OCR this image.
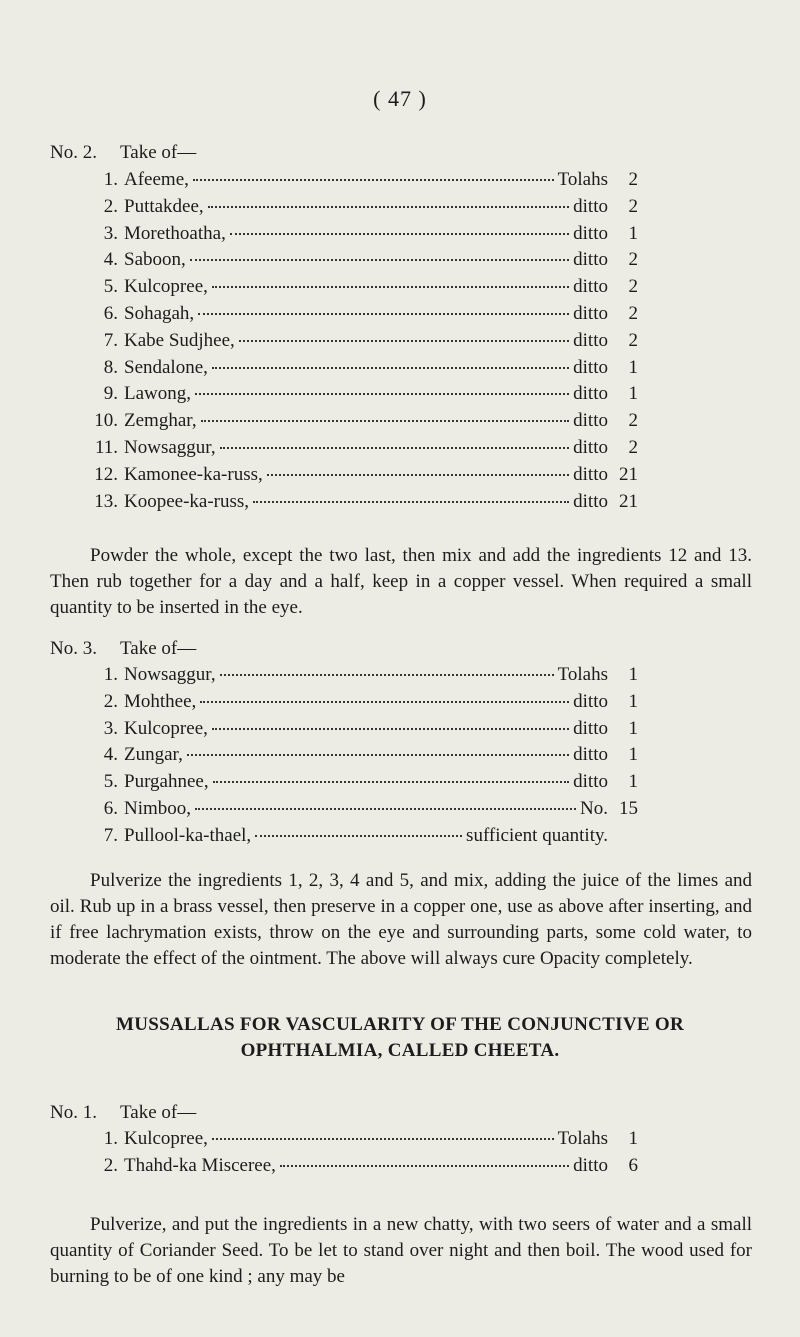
( 47 )
No. 2. Take of—
1. Afeeme,	Tolahs	2
2. Puttakdee,	ditto	2
3. Morethoatha,	ditto	1
4. Saboon,	ditto	2
5. Kulcopree,	ditto	2
6. Sohagah,	ditto	2
7. Kabe Sudjhee,	ditto	2
8. Sendalone,	ditto	1
9. Lawong,	ditto	1
10. Zemghar,	ditto	2
11. Nowsaggur,	ditto	2
12. Kamonee-ka-russ,	ditto 21
13. Koopee-ka-russ,	ditto 21

Powder the whole, except the two last, then mix and add the ingredients 12 and 13. Then rub together for a day and a half, keep in a copper vessel. When required a small quantity to be inserted in the eye.

No. 3. Take of—
1. Nowsaggur,	Tolahs	1
2. Mohthee,	ditto	1
3. Kulcopree,	ditto	1
4. Zungar,	ditto	1
5. Purgahnee,	ditto	1
6. Nimboo,	No. 15
7. Pullool-ka-thael,	sufficient quantity.

Pulverize the ingredients 1, 2, 3, 4 and 5, and mix, adding the juice of the limes and oil. Rub up in a brass vessel, then preserve in a copper one, use as above after inserting, and if free lachrymation exists, throw on the eye and surrounding parts, some cold water, to moderate the effect of the ointment. The above will always cure Opacity completely.

MUSSALLAS FOR VASCULARITY OF THE CONJUNCTIVE OR
OPHTHALMIA, CALLED CHEETA.
No. 1. Take of—
1. Kulcopree,	Tolahs	1
2. Thahd-ka Misceree,	ditto	6

Pulverize, and put the ingredients in a new chatty, with two seers of water and a small quantity of Coriander Seed. To be let to stand over night and then boil. The wood used for burning to be of one kind ; any may be
